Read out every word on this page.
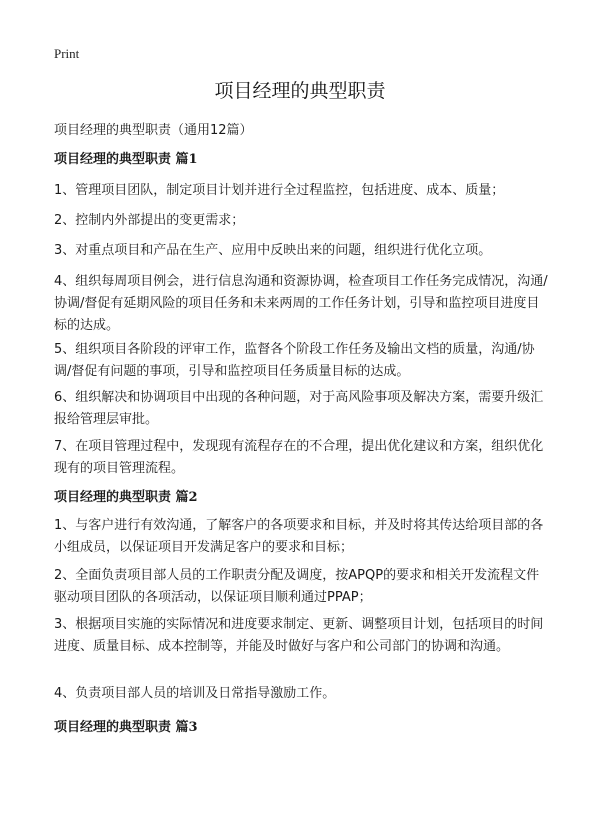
Print
项目经理的典型职责
项目经理的典型职责（通用12篇）
项目经理的典型职责 篇1

1、管理项目团队，制定项目计划并进行全过程监控，包括进度、成本、质量；

2、控制内外部提出的变更需求；

3、对重点项目和产品在生产、应用中反映出来的问题，组织进行优化立项。

4、组织每周项目例会，进行信息沟通和资源协调，检查项目工作任务完成情况，沟通/协调/督促有延期风险的项目任务和未来两周的工作任务计划，引导和监控项目进度目标的达成。

5、组织项目各阶段的评审工作，监督各个阶段工作任务及输出文档的质量，沟通/协调/督促有问题的事项，引导和监控项目任务质量目标的达成。

6、组织解决和协调项目中出现的各种问题，对于高风险事项及解决方案，需要升级汇报给管理层审批。

7、在项目管理过程中，发现现有流程存在的不合理，提出优化建议和方案，组织优化现有的项目管理流程。

项目经理的典型职责 篇2

1、与客户进行有效沟通，了解客户的各项要求和目标，并及时将其传达给项目部的各小组成员，以保证项目开发满足客户的要求和目标；

2、全面负责项目部人员的工作职责分配及调度，按APQP的要求和相关开发流程文件驱动项目团队的各项活动，以保证项目顺利通过PPAP；

3、根据项目实施的实际情况和进度要求制定、更新、调整项目计划，包括项目的时间进度、质量目标、成本控制等，并能及时做好与客户和公司部门的协调和沟通。

4、负责项目部人员的培训及日常指导激励工作。

项目经理的典型职责 篇3
